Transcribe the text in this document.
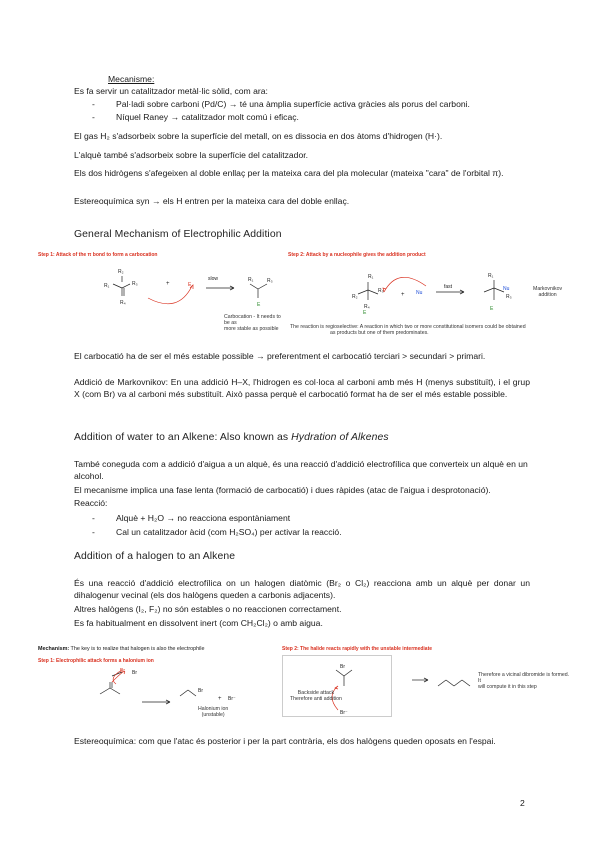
Mecanisme:
Es fa servir un catalitzador metàl·lic sòlid, com ara:
- Pal·ladi sobre carboni (Pd/C) → té una àmplia superfície activa gràcies als porus del carboni.
- Níquel Raney → catalitzador molt comú i eficaç.
El gas H₂ s'adsorbeix sobre la superfície del metall, on es dissocia en dos àtoms d'hidrogen (H·).
L'alquè també s'adsorbeix sobre la superfície del catalitzador.
Els dos hidrògens s'afegeixen al doble enllaç per la mateixa cara del pla molecular (mateixa "cara" de l'orbital π).
Estereoquímica syn → els H entren per la mateixa cara del doble enllaç.
General Mechanism of Electrophilic Addition
Step 1: Attack of the π bond to form a carbocation
R₁
R₂
R₃
R₄
+	E
R₁	R₃
E
slow
Carbocation - It needs to be as
more stable as possible
Step 2: Attack by a nucleophile gives the addition product
R₁
R₂
R₃
R₄
E
+ Nu
R₁
Nu
R₃
E
fast	Markovnikov
addition
The reaction is regioselective: A reaction in which two or more constitutional isomers could be obtained
as products but one of them predominates.
El carbocatió ha de ser el més estable possible → preferentment el carbocatió terciari > secundari > primari.
Addició de Markovnikov: En una addició H–X, l'hidrogen es col·loca al carboni amb més H (menys substituït), i el grup X (com Br) va al carboni més substituït. Això passa perquè el carbocatió format ha de ser el més estable possible.
Addition of water to an Alkene: Also known as Hydration of Alkenes
També coneguda com a addició d'aigua a un alquè, és una reacció d'addició electrofílica que converteix un alquè en un alcohol.
El mecanisme implica una fase lenta (formació de carbocatió) i dues ràpides (atac de l'aigua i desprotonació).
Reacció:
- Alquè + H₂O → no reacciona espontàniament
- Cal un catalitzador àcid (com H₂SO₄) per activar la reacció.
Addition of a halogen to an Alkene
És una reacció d'addició electrofílica on un halogen diatòmic (Br₂ o Cl₂) reacciona amb un alquè per donar un dihalogenur vecinal (els dos halògens queden a carbonis adjacents).
Altres halògens (I₂, F₂) no són estables o no reaccionen correctament.
Es fa habitualment en dissolvent inert (com CH₂Cl₂) o amb aigua.
Mechanism: The key is to realize that halogen is also the electrophile
Step 1: Electrophilic attack forms a halonium ion
Br Br
Br
+ Br⁻
Halonium ion
(unstable)
Step 2: The halide reacts rapidly with the unstable intermediate
Br
Br⁻
Backside attack
Therefore anti addition
Therefore a vicinal dibromide is formed. It
will compute it in this step
Estereoquímica: com que l'atac és posterior i per la part contrària, els dos halògens queden oposats en l'espai.
2
